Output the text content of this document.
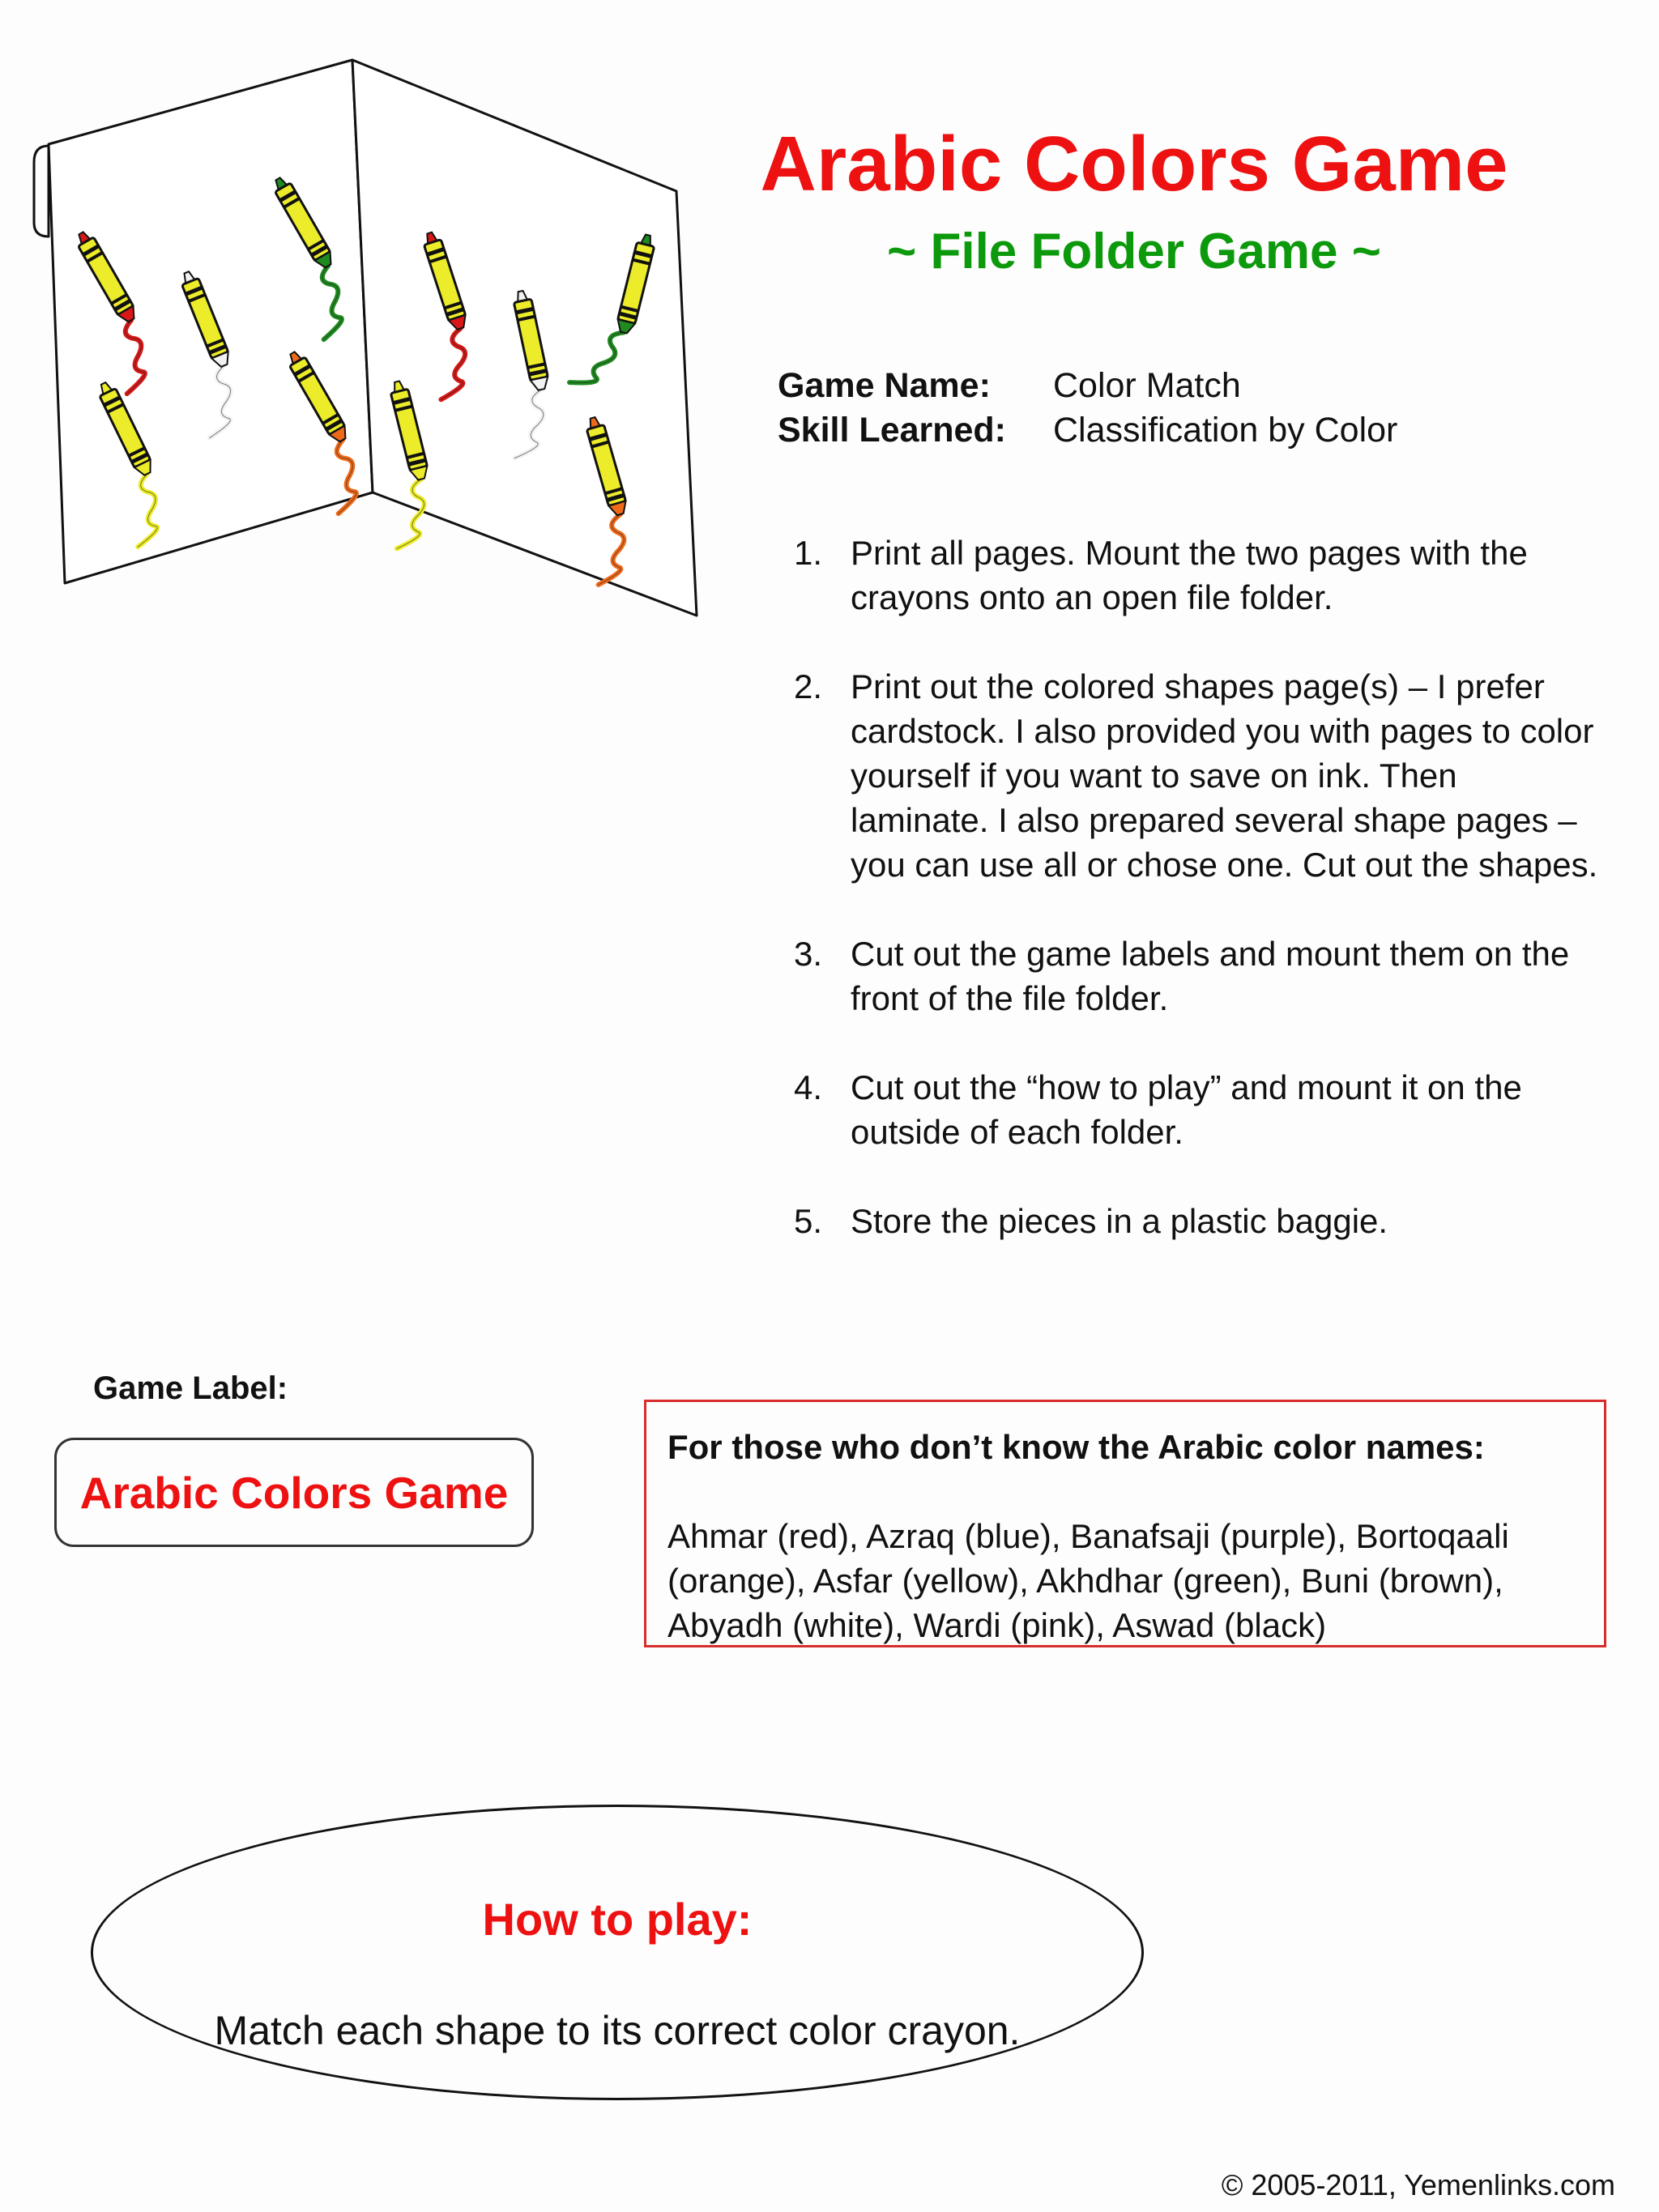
Arabic Colors Game
~ File Folder Game ~
Game Name: Color Match
Skill Learned: Classification by Color
1. Print all pages. Mount the two pages with the crayons onto an open file folder.
2. Print out the colored shapes page(s) – I prefer cardstock. I also provided you with pages to color yourself if you want to save on ink. Then laminate. I also prepared several shape pages – you can use all or chose one. Cut out the shapes.
3. Cut out the game labels and mount them on the front of the file folder.
4. Cut out the “how to play” and mount it on the outside of each folder.
5. Store the pieces in a plastic baggie.
Game Label:
Arabic Colors Game
For those who don’t know the Arabic color names:
Ahmar (red), Azraq (blue), Banafsaji (purple), Bortoqaali (orange), Asfar (yellow), Akhdhar (green), Buni (brown), Abyadh (white), Wardi (pink), Aswad (black)
How to play:
Match each shape to its correct color crayon.
© 2005-2011, Yemenlinks.com
